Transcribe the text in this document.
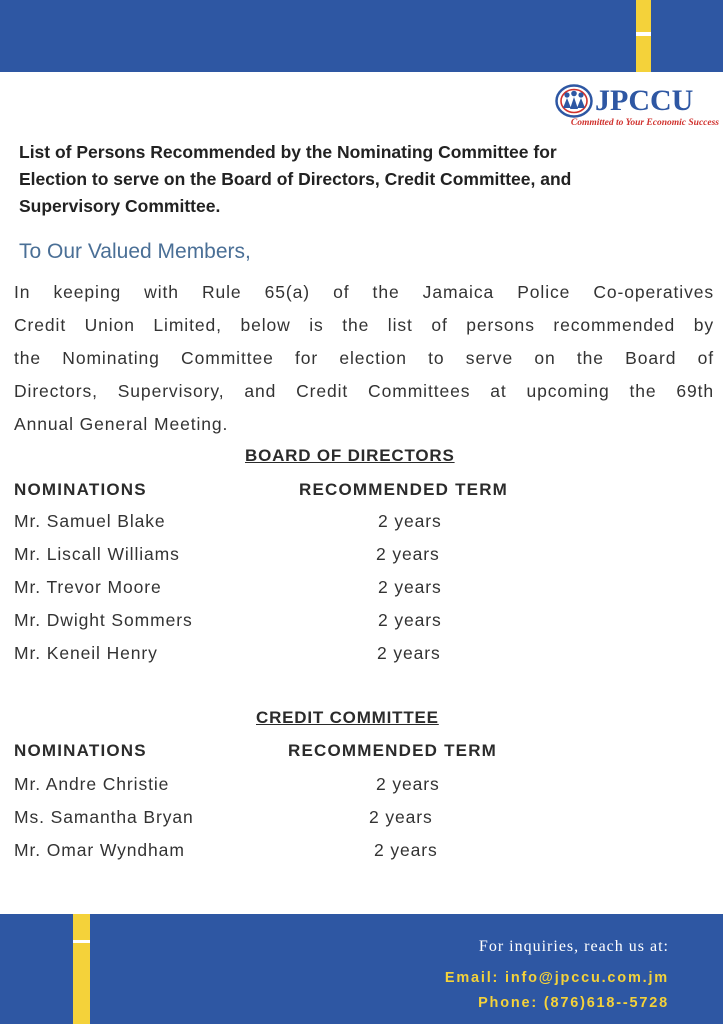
JPCCU
Committed to Your Economic Success
List of Persons Recommended by the Nominating Committee for
Election to serve on the Board of Directors, Credit Committee, and
Supervisory Committee.
To Our Valued Members,
In keeping with Rule 65(a) of the Jamaica Police Co-operatives
Credit Union Limited, below is the list of persons recommended by
the Nominating Committee for election to serve on the Board of
Directors, Supervisory, and Credit Committees at upcoming the 69th
Annual General Meeting.
BOARD OF DIRECTORS
NOMINATIONS	RECOMMENDED TERM
Mr. Samuel Blake	2 years
Mr. Liscall Williams	2 years
Mr. Trevor Moore	2 years
Mr. Dwight Sommers	2 years
Mr. Keneil Henry	2 years
CREDIT COMMITTEE
NOMINATIONS	RECOMMENDED TERM
Mr. Andre Christie	2 years
Ms. Samantha Bryan	2 years
Mr. Omar Wyndham	2 years
For inquiries, reach us at:
Email: info@jpccu.com.jm
Phone: (876)618--5728
